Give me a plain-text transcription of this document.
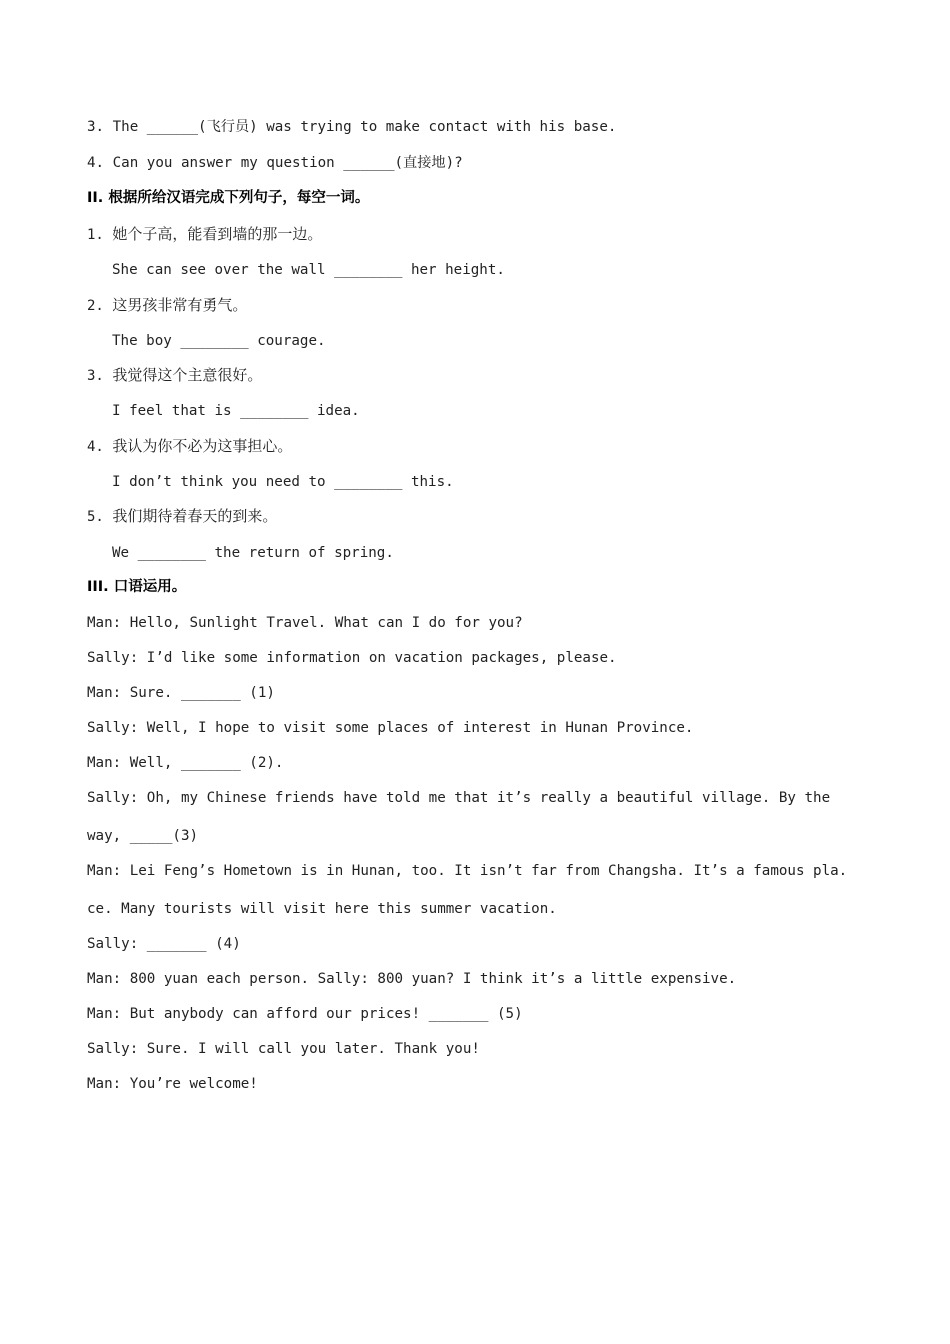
3. The ______(飞行员) was trying to make contact with his base.
4. Can you answer my question ______(直接地)?
II. 根据所给汉语完成下列句子，每空一词。
1. 她个子高，能看到墙的那一边。
She can see over the wall ________ her height.
2. 这男孩非常有勇气。
The boy ________ courage.
3. 我觉得这个主意很好。
I feel that is ________ idea.
4. 我认为你不必为这事担心。
I don’t think you need to ________ this.
5. 我们期待着春天的到来。
We ________ the return of spring.
III. 口语运用。
Man: Hello, Sunlight Travel. What can I do for you?
Sally: I’d like some information on vacation packages, please.
Man: Sure. _______ (1)
Sally: Well, I hope to visit some places of interest in Hunan Province.
Man: Well, _______ (2).
Sally: Oh, my Chinese friends have told me that it’s really a beautiful village. By the
way, _____(3)
Man: Lei Feng’s Hometown is in Hunan, too. It isn’t far from Changsha. It’s a famous pla.
ce. Many tourists will visit here this summer vacation.
Sally: _______ (4)
Man: 800 yuan each person. Sally: 800 yuan? I think it’s a little expensive.
Man: But anybody can afford our prices! _______ (5)
Sally: Sure. I will call you later. Thank you!
Man: You’re welcome!
